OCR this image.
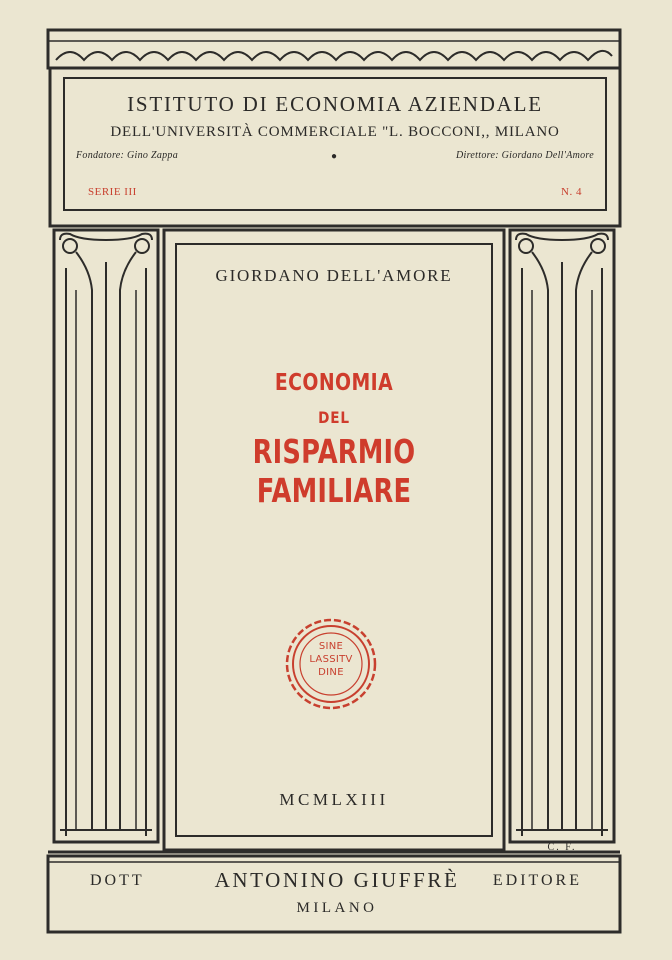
ISTITUTO DI ECONOMIA AZIENDALE
DELL'UNIVERSITÀ COMMERCIALE "L. BOCCONI,, MILANO
Fondatore: Gino Zappa	●	Direttore: Giordano Dell'Amore
SERIE III	N. 4
GIORDANO DELL'AMORE
ECONOMIA
DEL
RISPARMIO FAMILIARE
SINE
LASSITV
DINE
MCMLXIII
C. F.
DOTT	ANTONINO GIUFFRÈ	EDITORE
MILANO
